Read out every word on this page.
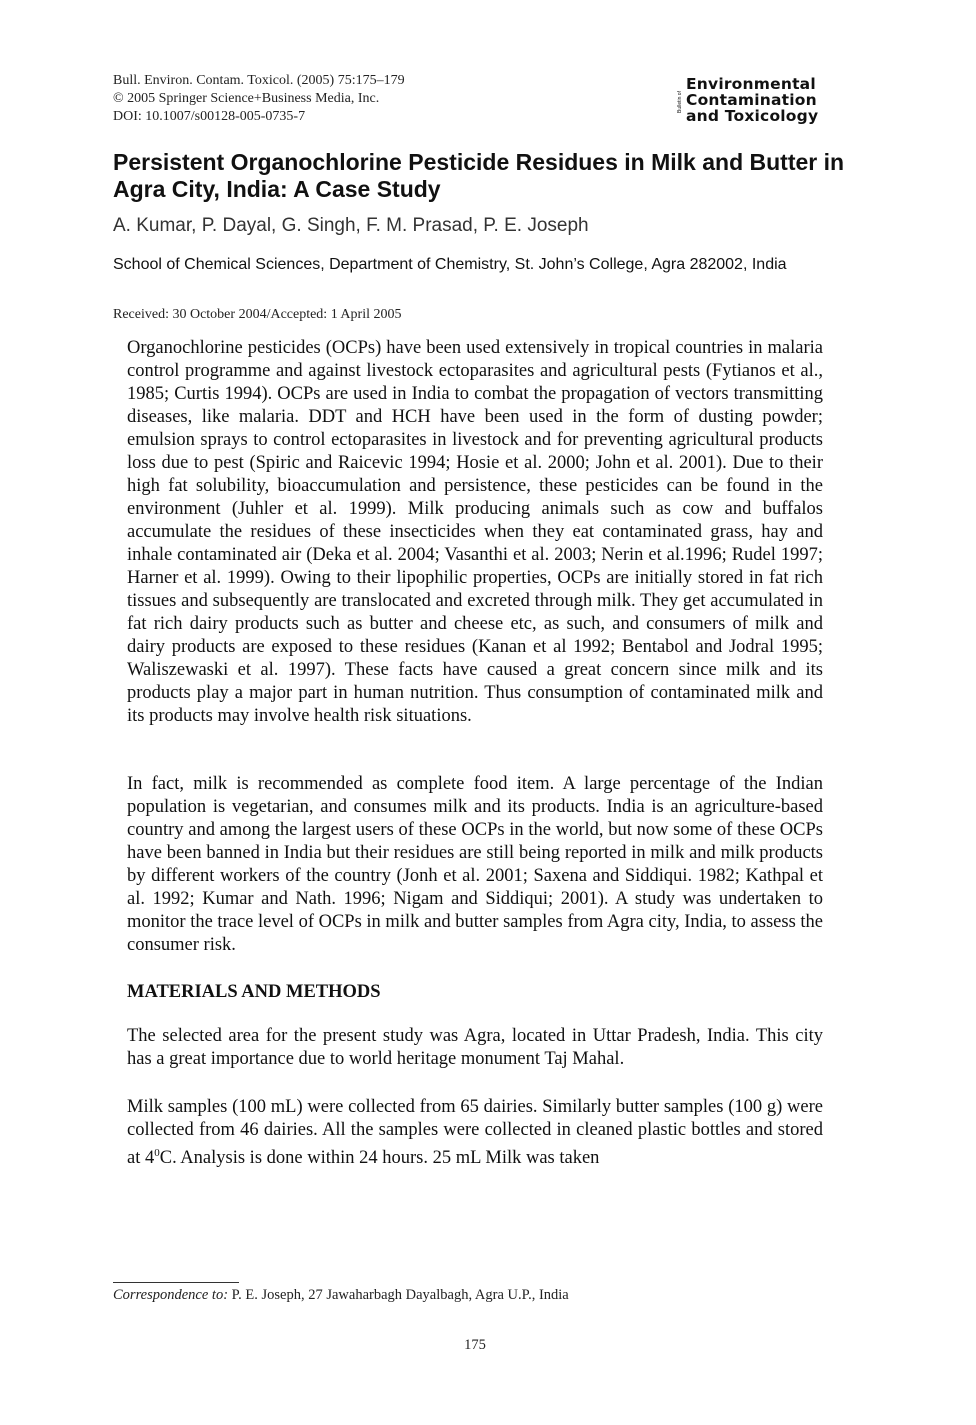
Bull. Environ. Contam. Toxicol. (2005) 75:175–179
© 2005 Springer Science+Business Media, Inc.
DOI: 10.1007/s00128-005-0735-7
Bulletin of
Environmental
Contamination
and Toxicology
Persistent Organochlorine Pesticide Residues in Milk and Butter in Agra City, India: A Case Study
A. Kumar, P. Dayal, G. Singh, F. M. Prasad, P. E. Joseph
School of Chemical Sciences, Department of Chemistry, St. John’s College, Agra 282002, India
Received: 30 October 2004/Accepted: 1 April 2005

Organochlorine pesticides (OCPs) have been used extensively in tropical countries in malaria control programme and against livestock ectoparasites and agricultural pests (Fytianos et al., 1985; Curtis 1994). OCPs are used in India to combat the propagation of vectors transmitting diseases, like malaria. DDT and HCH have been used in the form of dusting powder; emulsion sprays to control ectoparasites in livestock and for preventing agricultural products loss due to pest (Spiric and Raicevic 1994; Hosie et al. 2000; John et al. 2001). Due to their high fat solubility, bioaccumulation and persistence, these pesticides can be found in the environment (Juhler et al. 1999). Milk producing animals such as cow and buffalos accumulate the residues of these insecticides when they eat contaminated grass, hay and inhale contaminated air (Deka et al. 2004; Vasanthi et al. 2003; Nerin et al.1996; Rudel 1997; Harner et al. 1999). Owing to their lipophilic properties, OCPs are initially stored in fat rich tissues and subsequently are translocated and excreted through milk. They get accumulated in fat rich dairy products such as butter and cheese etc, as such, and consumers of milk and dairy products are exposed to these residues (Kanan et al 1992; Bentabol and Jodral 1995; Waliszewaski et al. 1997). These facts have caused a great concern since milk and its products play a major part in human nutrition. Thus consumption of contaminated milk and its products may involve health risk situations.

In fact, milk is recommended as complete food item. A large percentage of the Indian population is vegetarian, and consumes milk and its products. India is an agriculture-based country and among the largest users of these OCPs in the world, but now some of these OCPs have been banned in India but their residues are still being reported in milk and milk products by different workers of the country (Jonh et al. 2001; Saxena and Siddiqui. 1982; Kathpal et al. 1992; Kumar and Nath. 1996; Nigam and Siddiqui; 2001). A study was undertaken to monitor the trace level of OCPs in milk and butter samples from Agra city, India, to assess the consumer risk.

MATERIALS AND METHODS

The selected area for the present study was Agra, located in Uttar Pradesh, India. This city has a great importance due to world heritage monument Taj Mahal.

Milk samples (100 mL) were collected from 65 dairies. Similarly butter samples (100 g) were collected from 46 dairies. All the samples were collected in cleaned plastic bottles and stored at $4^0C$. Analysis is done within 24 hours. 25 mL Milk was taken

Correspondence to: P. E. Joseph, 27 Jawaharbagh Dayalbagh, Agra U.P., India
175
